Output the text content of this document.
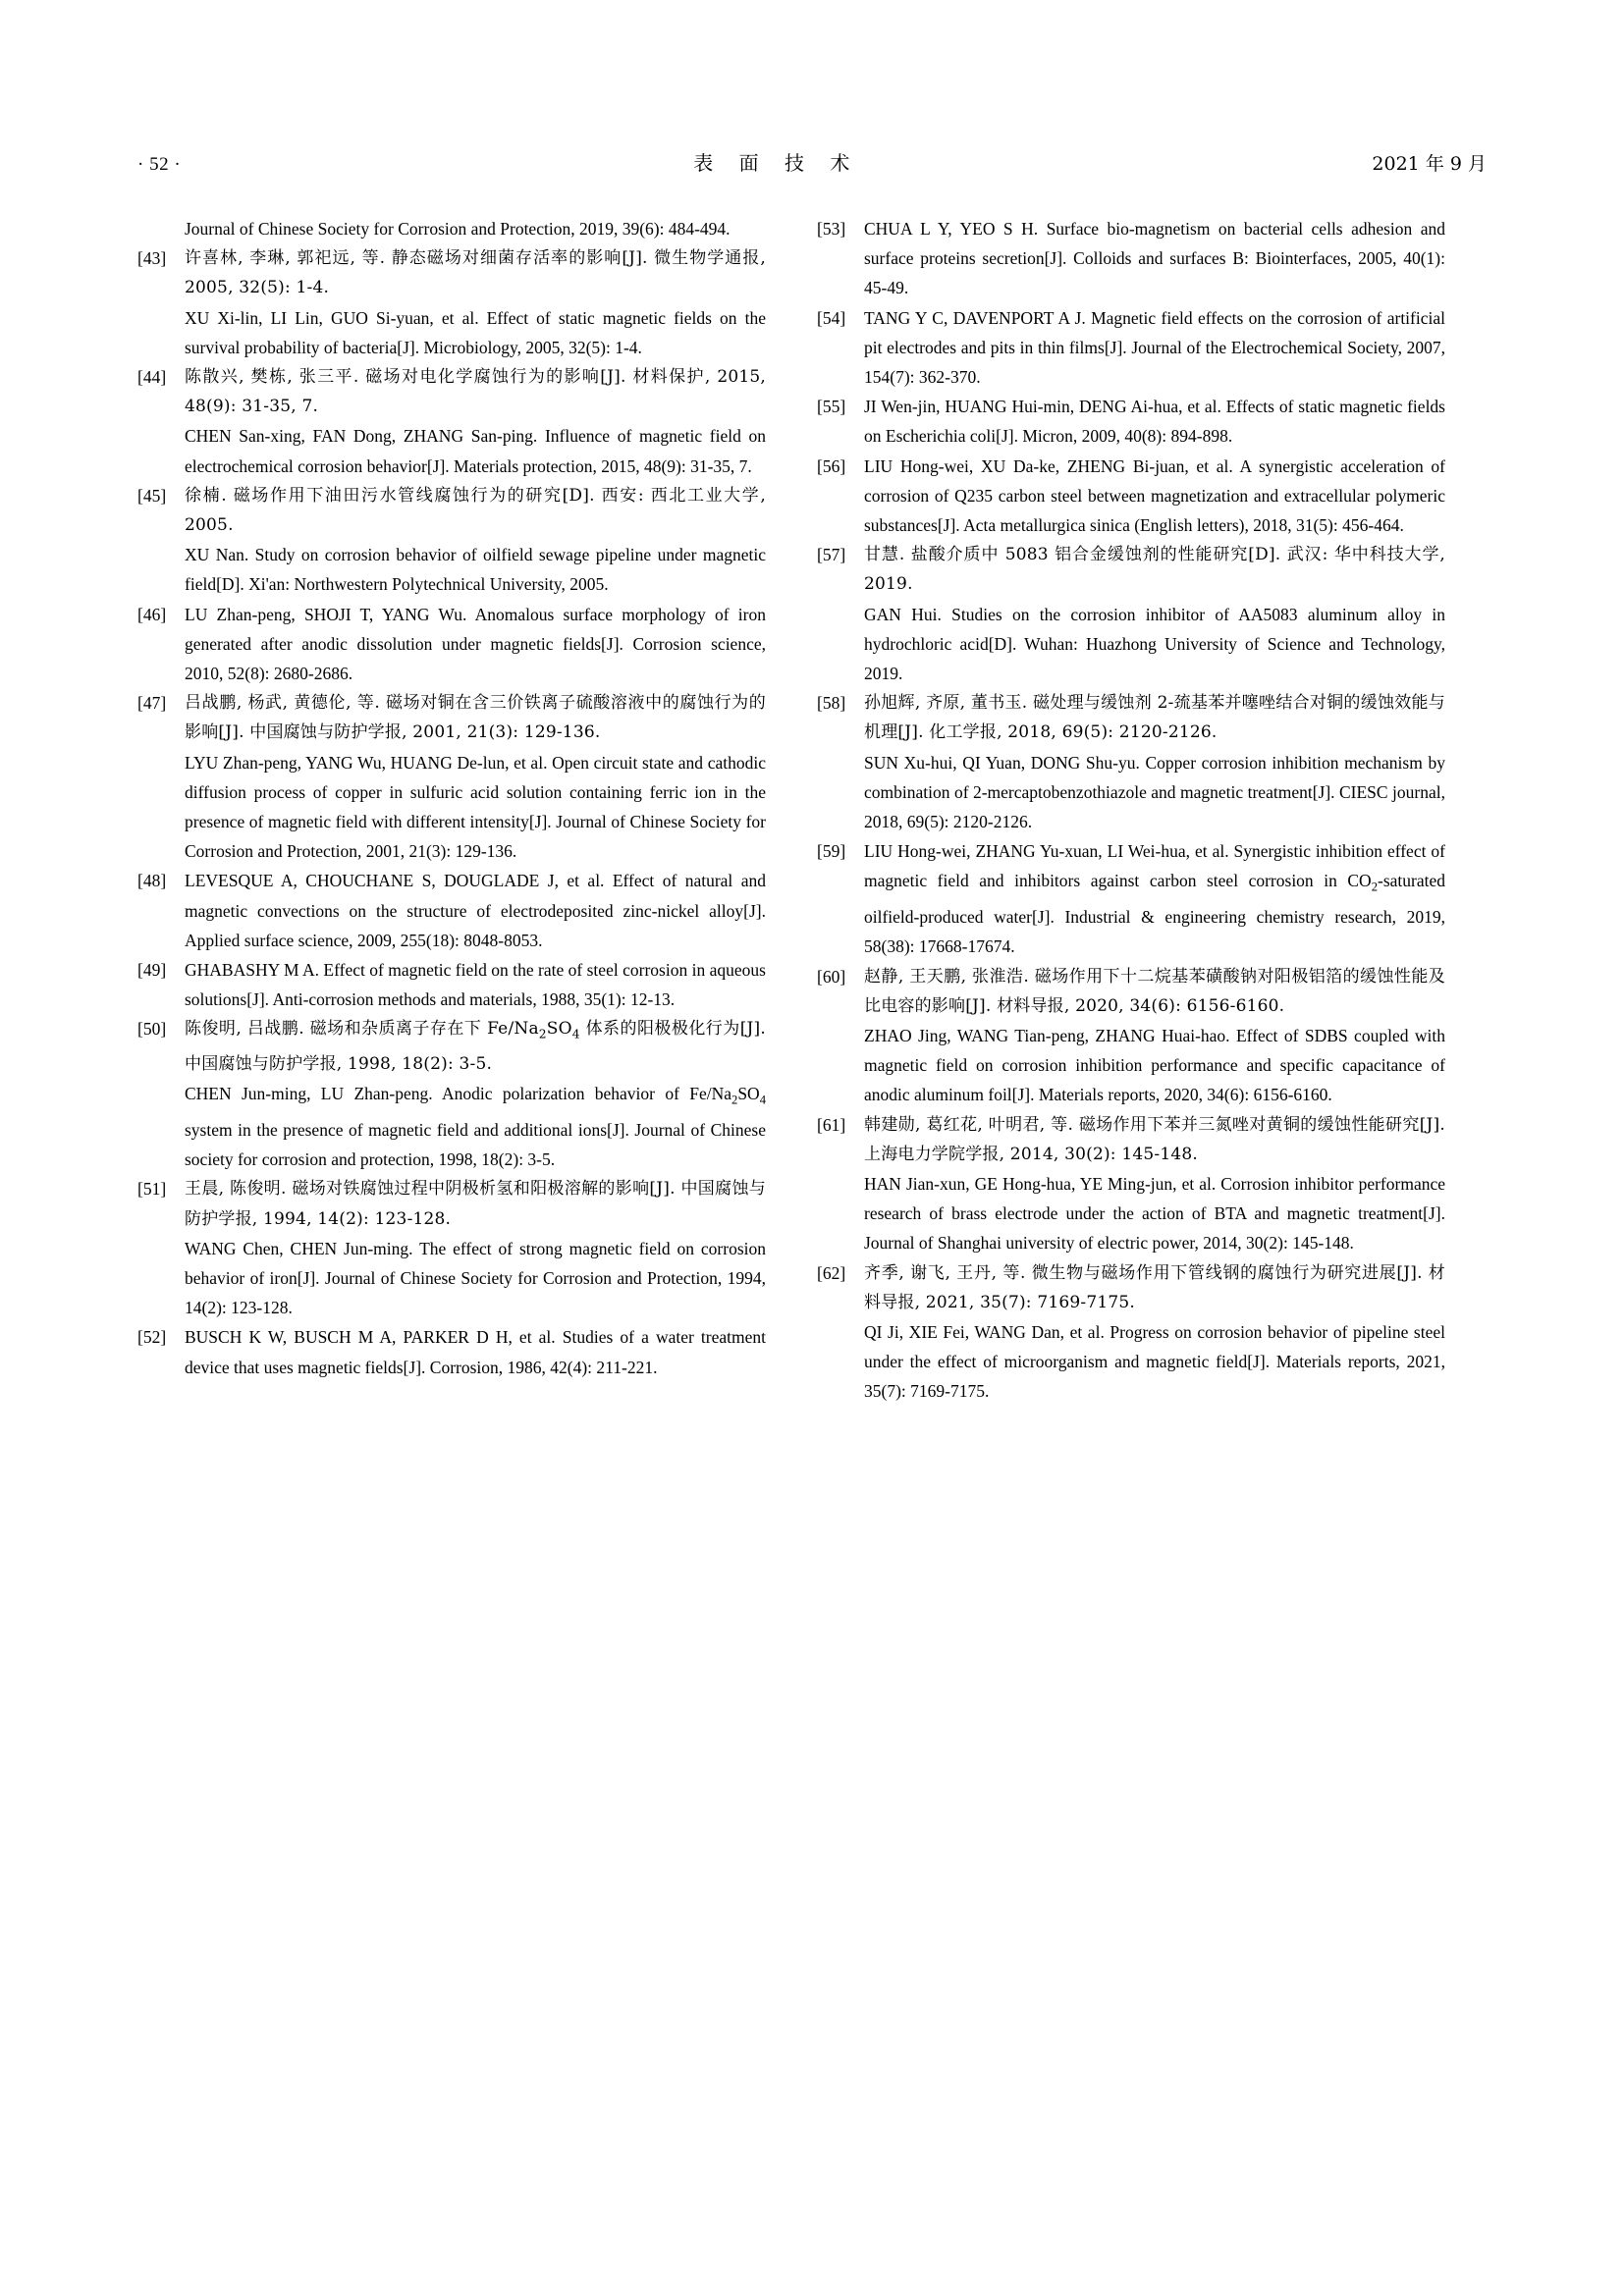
· 52 ·	表 面 技 术	2021 年 9 月
Journal of Chinese Society for Corrosion and Protection, 2019, 39(6): 484-494.
[43]	许喜林, 李琳, 郭祀远, 等. 静态磁场对细菌存活率的影响[J]. 微生物学通报, 2005, 32(5): 1-4.
XU Xi-lin, LI Lin, GUO Si-yuan, et al. Effect of static magnetic fields on the survival probability of bacteria[J]. Microbiology, 2005, 32(5): 1-4.
[44]	陈散兴, 樊栋, 张三平. 磁场对电化学腐蚀行为的影响[J]. 材料保护, 2015, 48(9): 31-35, 7.
CHEN San-xing, FAN Dong, ZHANG San-ping. Influence of magnetic field on electrochemical corrosion behavior[J]. Materials protection, 2015, 48(9): 31-35, 7.
[45]	徐楠. 磁场作用下油田污水管线腐蚀行为的研究[D]. 西安: 西北工业大学, 2005.
XU Nan. Study on corrosion behavior of oilfield sewage pipeline under magnetic field[D]. Xi'an: Northwestern Polytechnical University, 2005.
[46]	LU Zhan-peng, SHOJI T, YANG Wu. Anomalous surface morphology of iron generated after anodic dissolution under magnetic fields[J]. Corrosion science, 2010, 52(8): 2680-2686.
[47]	吕战鹏, 杨武, 黄德伦, 等. 磁场对铜在含三价铁离子硫酸溶液中的腐蚀行为的影响[J]. 中国腐蚀与防护学报, 2001, 21(3): 129-136.
LYU Zhan-peng, YANG Wu, HUANG De-lun, et al. Open circuit state and cathodic diffusion process of copper in sulfuric acid solution containing ferric ion in the presence of magnetic field with different intensity[J]. Journal of Chinese Society for Corrosion and Protection, 2001, 21(3): 129-136.
[48]	LEVESQUE A, CHOUCHANE S, DOUGLADE J, et al. Effect of natural and magnetic convections on the structure of electrodeposited zinc-nickel alloy[J]. Applied surface science, 2009, 255(18): 8048-8053.
[49]	GHABASHY M A. Effect of magnetic field on the rate of steel corrosion in aqueous solutions[J]. Anti-corrosion methods and materials, 1988, 35(1): 12-13.
[50]	陈俊明, 吕战鹏. 磁场和杂质离子存在下 $Fe/Na_2SO_4$ 体系的阳极极化行为[J]. 中国腐蚀与防护学报, 1998, 18(2): 3-5.
CHEN Jun-ming, LU Zhan-peng. Anodic polarization behavior of $Fe/Na_2SO_4$ system in the presence of magnetic field and additional ions[J]. Journal of Chinese society for corrosion and protection, 1998, 18(2): 3-5.
[51]	王晨, 陈俊明. 磁场对铁腐蚀过程中阴极析氢和阳极溶解的影响[J]. 中国腐蚀与防护学报, 1994, 14(2): 123-128.
WANG Chen, CHEN Jun-ming. The effect of strong magnetic field on corrosion behavior of iron[J]. Journal of Chinese Society for Corrosion and Protection, 1994, 14(2): 123-128.
[52]	BUSCH K W, BUSCH M A, PARKER D H, et al. Studies of a water treatment device that uses magnetic fields[J]. Corrosion, 1986, 42(4): 211-221.
[53]	CHUA L Y, YEO S H. Surface bio-magnetism on bacterial cells adhesion and surface proteins secretion[J]. Colloids and surfaces B: Biointerfaces, 2005, 40(1): 45-49.
[54]	TANG Y C, DAVENPORT A J. Magnetic field effects on the corrosion of artificial pit electrodes and pits in thin films[J]. Journal of the Electrochemical Society, 2007, 154(7): 362-370.
[55]	JI Wen-jin, HUANG Hui-min, DENG Ai-hua, et al. Effects of static magnetic fields on Escherichia coli[J]. Micron, 2009, 40(8): 894-898.
[56]	LIU Hong-wei, XU Da-ke, ZHENG Bi-juan, et al. A synergistic acceleration of corrosion of Q235 carbon steel between magnetization and extracellular polymeric substances[J]. Acta metallurgica sinica (English letters), 2018, 31(5): 456-464.
[57]	甘慧. 盐酸介质中 5083 铝合金缓蚀剂的性能研究[D]. 武汉: 华中科技大学, 2019.
GAN Hui. Studies on the corrosion inhibitor of AA5083 aluminum alloy in hydrochloric acid[D]. Wuhan: Huazhong University of Science and Technology, 2019.
[58]	孙旭辉, 齐原, 董书玉. 磁处理与缓蚀剂 2-巯基苯并噻唑结合对铜的缓蚀效能与机理[J]. 化工学报, 2018, 69(5): 2120-2126.
SUN Xu-hui, QI Yuan, DONG Shu-yu. Copper corrosion inhibition mechanism by combination of 2-mercaptobenzothiazole and magnetic treatment[J]. CIESC journal, 2018, 69(5): 2120-2126.
[59]	LIU Hong-wei, ZHANG Yu-xuan, LI Wei-hua, et al. Synergistic inhibition effect of magnetic field and inhibitors against carbon steel corrosion in $CO_2$-saturated oilfield-produced water[J]. Industrial & engineering chemistry research, 2019, 58(38): 17668-17674.
[60]	赵静, 王天鹏, 张淮浩. 磁场作用下十二烷基苯磺酸钠对阳极铝箔的缓蚀性能及比电容的影响[J]. 材料导报, 2020, 34(6): 6156-6160.
ZHAO Jing, WANG Tian-peng, ZHANG Huai-hao. Effect of SDBS coupled with magnetic field on corrosion inhibition performance and specific capacitance of anodic aluminum foil[J]. Materials reports, 2020, 34(6): 6156-6160.
[61]	韩建勋, 葛红花, 叶明君, 等. 磁场作用下苯并三氮唑对黄铜的缓蚀性能研究[J]. 上海电力学院学报, 2014, 30(2): 145-148.
HAN Jian-xun, GE Hong-hua, YE Ming-jun, et al. Corrosion inhibitor performance research of brass electrode under the action of BTA and magnetic treatment[J]. Journal of Shanghai university of electric power, 2014, 30(2): 145-148.
[62]	齐季, 谢飞, 王丹, 等. 微生物与磁场作用下管线钢的腐蚀行为研究进展[J]. 材料导报, 2021, 35(7): 7169-7175.
QI Ji, XIE Fei, WANG Dan, et al. Progress on corrosion behavior of pipeline steel under the effect of microorganism and magnetic field[J]. Materials reports, 2021, 35(7): 7169-7175.
